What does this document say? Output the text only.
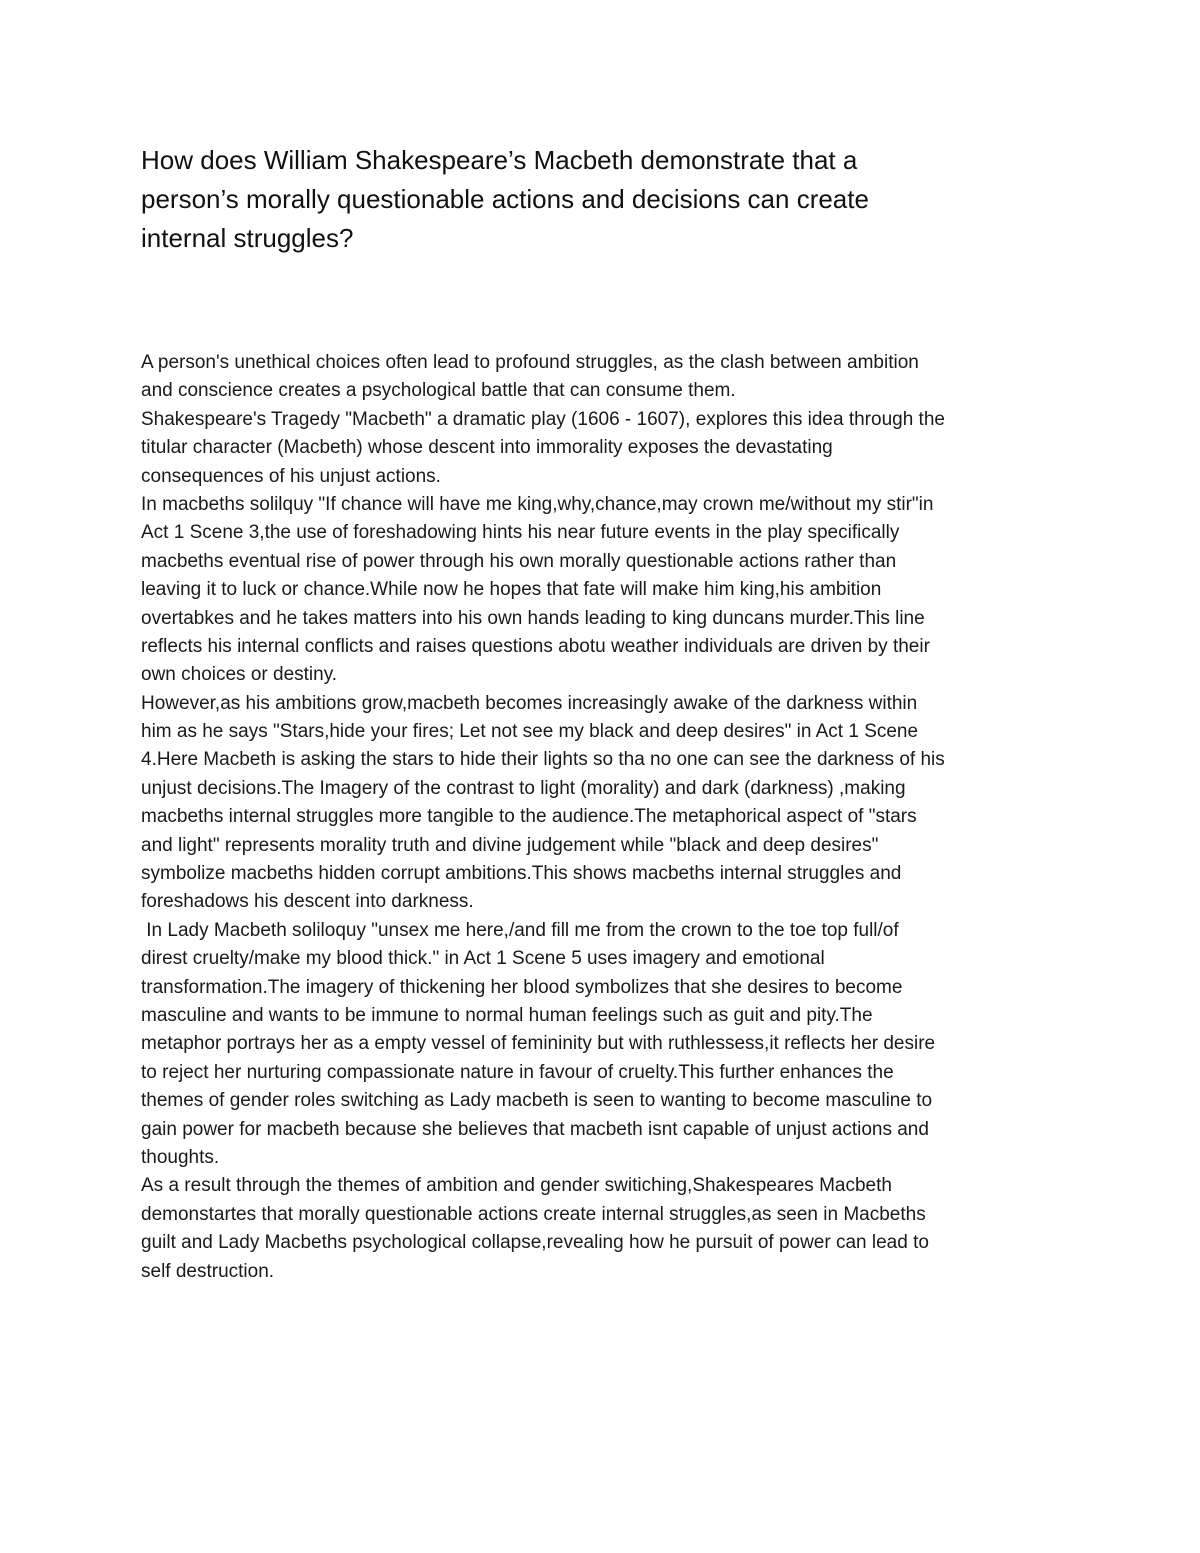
How does William Shakespeare’s Macbeth demonstrate that a
person’s morally questionable actions and decisions can create
internal struggles?
A person's unethical choices often lead to profound struggles, as the clash between ambition
and conscience creates a psychological battle that can consume them.
Shakespeare's Tragedy "Macbeth" a dramatic play (1606 - 1607), explores this idea through the
titular character (Macbeth) whose descent into immorality exposes the devastating
consequences of his unjust actions.
In macbeths solilquy "If chance will have me king,why,chance,may crown me/without my stir"in
Act 1 Scene 3,the use of foreshadowing hints his near future events in the play specifically
macbeths eventual rise of power through his own morally questionable actions rather than
leaving it to luck or chance.While now he hopes that fate will make him king,his ambition
overtabkes and he takes matters into his own hands leading to king duncans murder.This line
reflects his internal conflicts and raises questions abotu weather individuals are driven by their
own choices or destiny.
However,as his ambitions grow,macbeth becomes increasingly awake of the darkness within
him as he says "Stars,hide your fires; Let not see my black and deep desires" in Act 1 Scene
4.Here Macbeth is asking the stars to hide their lights so tha no one can see the darkness of his
unjust decisions.The Imagery of the contrast to light (morality) and dark (darkness) ,making
macbeths internal struggles more tangible to the audience.The metaphorical aspect of "stars
and light" represents morality truth and divine judgement while "black and deep desires"
symbolize macbeths hidden corrupt ambitions.This shows macbeths internal struggles and
foreshadows his descent into darkness.
In Lady Macbeth soliloquy "unsex me here,/and fill me from the crown to the toe top full/of
direst cruelty/make my blood thick." in Act 1 Scene 5 uses imagery and emotional
transformation.The imagery of thickening her blood symbolizes that she desires to become
masculine and wants to be immune to normal human feelings such as guit and pity.The
metaphor portrays her as a empty vessel of femininity but with ruthlessess,it reflects her desire
to reject her nurturing compassionate nature in favour of cruelty.This further enhances the
themes of gender roles switching as Lady macbeth is seen to wanting to become masculine to
gain power for macbeth because she believes that macbeth isnt capable of unjust actions and
thoughts.
As a result through the themes of ambition and gender switiching,Shakespeares Macbeth
demonstartes that morally questionable actions create internal struggles,as seen in Macbeths
guilt and Lady Macbeths psychological collapse,revealing how he pursuit of power can lead to
self destruction.
